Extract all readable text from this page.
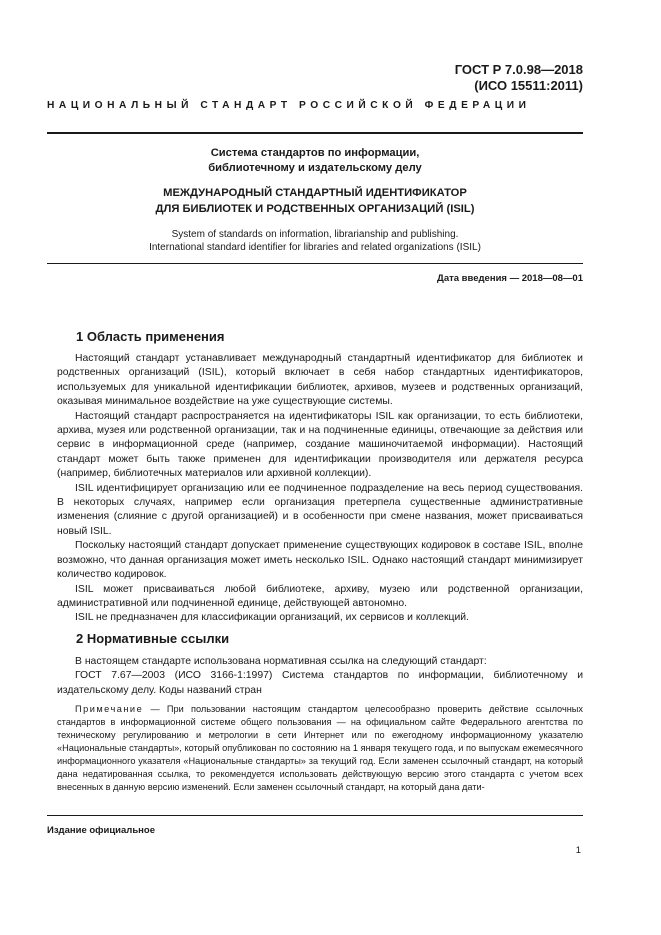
ГОСТ Р 7.0.98—2018
(ИСО 15511:2011)
НАЦИОНАЛЬНЫЙ СТАНДАРТ РОССИЙСКОЙ ФЕДЕРАЦИИ
Система стандартов по информации,
библиотечному и издательскому делу
МЕЖДУНАРОДНЫЙ СТАНДАРТНЫЙ ИДЕНТИФИКАТОР
ДЛЯ БИБЛИОТЕК И РОДСТВЕННЫХ ОРГАНИЗАЦИЙ (ISIL)
System of standards on information, librarianship and publishing.
International standard identifier for libraries and related organizations (ISIL)
Дата введения — 2018—08—01
1 Область применения

Настоящий стандарт устанавливает международный стандартный идентификатор для библиотек и родственных организаций (ISIL), который включает в себя набор стандартных идентификаторов, используемых для уникальной идентификации библиотек, архивов, музеев и родственных организаций, оказывая минимальное воздействие на уже существующие системы.

Настоящий стандарт распространяется на идентификаторы ISIL как организации, то есть библиотеки, архива, музея или родственной организации, так и на подчиненные единицы, отвечающие за действия или сервис в информационной среде (например, создание машиночитаемой информации). Настоящий стандарт может быть также применен для идентификации производителя или держателя ресурса (например, библиотечных материалов или архивной коллекции).

ISIL идентифицирует организацию или ее подчиненное подразделение на весь период существования. В некоторых случаях, например если организация претерпела существенные административные изменения (слияние с другой организацией) и в особенности при смене названия, может присваиваться новый ISIL.

Поскольку настоящий стандарт допускает применение существующих кодировок в составе ISIL, вполне возможно, что данная организация может иметь несколько ISIL. Однако настоящий стандарт минимизирует количество кодировок.

ISIL может присваиваться любой библиотеке, архиву, музею или родственной организации, административной или подчиненной единице, действующей автономно.

ISIL не предназначен для классификации организаций, их сервисов и коллекций.

2 Нормативные ссылки

В настоящем стандарте использована нормативная ссылка на следующий стандарт:

ГОСТ 7.67—2003 (ИСО 3166-1:1997) Система стандартов по информации, библиотечному и издательскому делу. Коды названий стран

Примечание — При пользовании настоящим стандартом целесообразно проверить действие ссылочных стандартов в информационной системе общего пользования — на официальном сайте Федерального агентства по техническому регулированию и метрологии в сети Интернет или по ежегодному информационному указателю «Национальные стандарты», который опубликован по состоянию на 1 января текущего года, и по выпускам ежемесячного информационного указателя «Национальные стандарты» за текущий год. Если заменен ссылочный стандарт, на который дана недатированная ссылка, то рекомендуется использовать действующую версию этого стандарта с учетом всех внесенных в данную версию изменений. Если заменен ссылочный стандарт, на который дана дати-

Издание официальное
1
